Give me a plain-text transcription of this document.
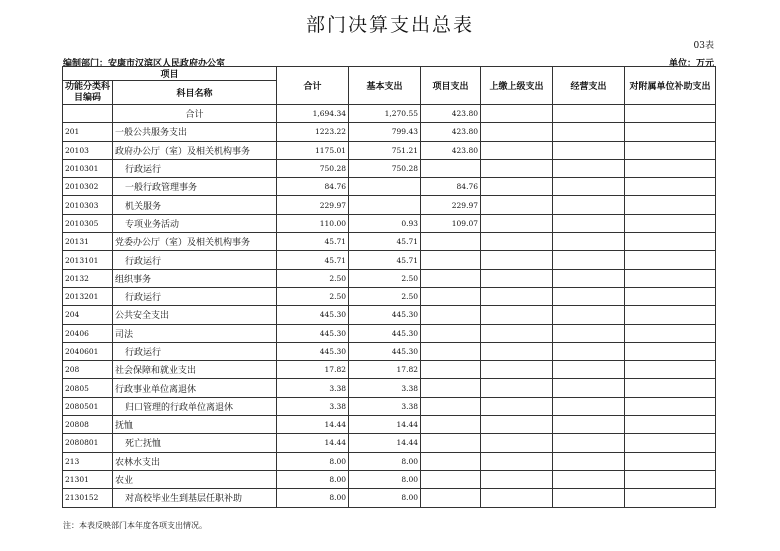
部门决算支出总表
03表
编制部门：安康市汉滨区人民政府办公室	单位：万元
项目		合计	基本支出	项目支出	上缴上级支出	经营支出	对附属单位补助支出
功能分类科目编码	科目名称						
	合计	1,694.34	1,270.55	423.80			
201	一般公共服务支出	1223.22	799.43	423.80			
20103	政府办公厅（室）及相关机构事务	1175.01	751.21	423.80			
2010301	行政运行	750.28	750.28				
2010302	一般行政管理事务	84.76		84.76			
2010303	机关服务	229.97		229.97			
2010305	专项业务活动	110.00	0.93	109.07			
20131	党委办公厅（室）及相关机构事务	45.71	45.71				
2013101	行政运行	45.71	45.71				
20132	组织事务	2.50	2.50				
2013201	行政运行	2.50	2.50				
204	公共安全支出	445.30	445.30				
20406	司法	445.30	445.30				
2040601	行政运行	445.30	445.30				
208	社会保障和就业支出	17.82	17.82				
20805	行政事业单位离退休	3.38	3.38				
2080501	归口管理的行政单位离退休	3.38	3.38				
20808	抚恤	14.44	14.44				
2080801	死亡抚恤	14.44	14.44				
213	农林水支出	8.00	8.00				
21301	农业	8.00	8.00				
2130152	对高校毕业生到基层任职补助	8.00	8.00				
注：本表反映部门本年度各项支出情况。
